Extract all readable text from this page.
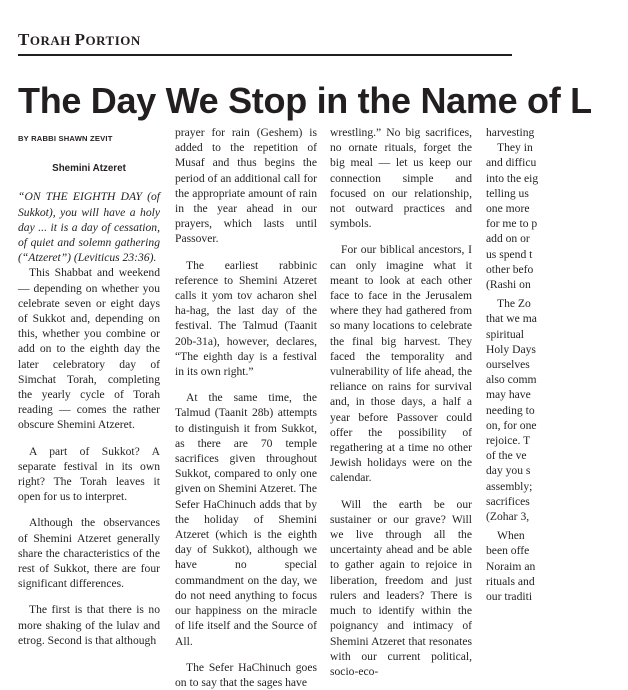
TORAH PORTION
The Day We Stop in the Name of L
BY RABBI SHAWN ZEVIT
Shemini Atzeret

“ON THE EIGHTH DAY (of Sukkot), you will have a holy day ... it is a day of cessation, of quiet and solemn gathering (“Atzeret”) (Leviticus 23:36).

This Shabbat and weekend — depending on whether you celebrate seven or eight days of Sukkot and, depending on this, whether you combine or add on to the eighth day the later celebratory day of Simchat Torah, completing the yearly cycle of Torah reading — comes the rather obscure Shemini Atzeret.

A part of Sukkot? A separate festival in its own right? The Torah leaves it open for us to interpret.

Although the observances of Shemini Atzeret generally share the characteristics of the rest of Sukkot, there are four significant differences.

The first is that there is no more shaking of the lulav and etrog. Second is that although

prayer for rain (Geshem) is added to the repetition of Musaf and thus begins the period of an additional call for the appropriate amount of rain in the year ahead in our prayers, which lasts until Passover.

The earliest rabbinic reference to Shemini Atzeret calls it yom tov acharon shel ha-hag, the last day of the festival. The Talmud (Taanit 20b-31a), however, declares, “The eighth day is a festival in its own right.”

At the same time, the Talmud (Taanit 28b) attempts to distinguish it from Sukkot, as there are 70 temple sacrifices given throughout Sukkot, compared to only one given on Shemini Atzeret. The Sefer HaChinuch adds that by the holiday of Shemini Atzeret (which is the eighth day of Sukkot), although we have no special commandment on the day, we do not need anything to focus our happiness on the miracle of life itself and the Source of All.

The Sefer HaChinuch goes on to say that the sages have

wrestling.” No big sacrifices, no ornate rituals, forget the big meal — let us keep our connection simple and focused on our relationship, not outward practices and symbols.

For our biblical ancestors, I can only imagine what it meant to look at each other face to face in the Jerusalem where they had gathered from so many locations to celebrate the final big harvest. They faced the temporality and vulnerability of life ahead, the reliance on rains for survival and, in those days, a half a year before Passover could offer the possibility of regathering at a time no other Jewish holidays were on the calendar.

Will the earth be our sustainer or our grave? Will we live through all the uncertainty ahead and be able to gather again to rejoice in liberation, freedom and just rulers and leaders? There is much to identify within the poignancy and intimacy of Shemini Atzeret that resonates with our current political, socio-eco-

harvesting
They in
and difficu
into the eig
telling us
one more
for me to p
add on or
us spend t
other befo
(Rashi on
The Zo
that we ma
spiritual
Holy Days
ourselves
also comm
may have
needing to
on, for one
rejoice. T
of the ve
day you s
assembly;
sacrifices
(Zohar 3,
When
been offe
Noraim an
rituals and
our traditi
